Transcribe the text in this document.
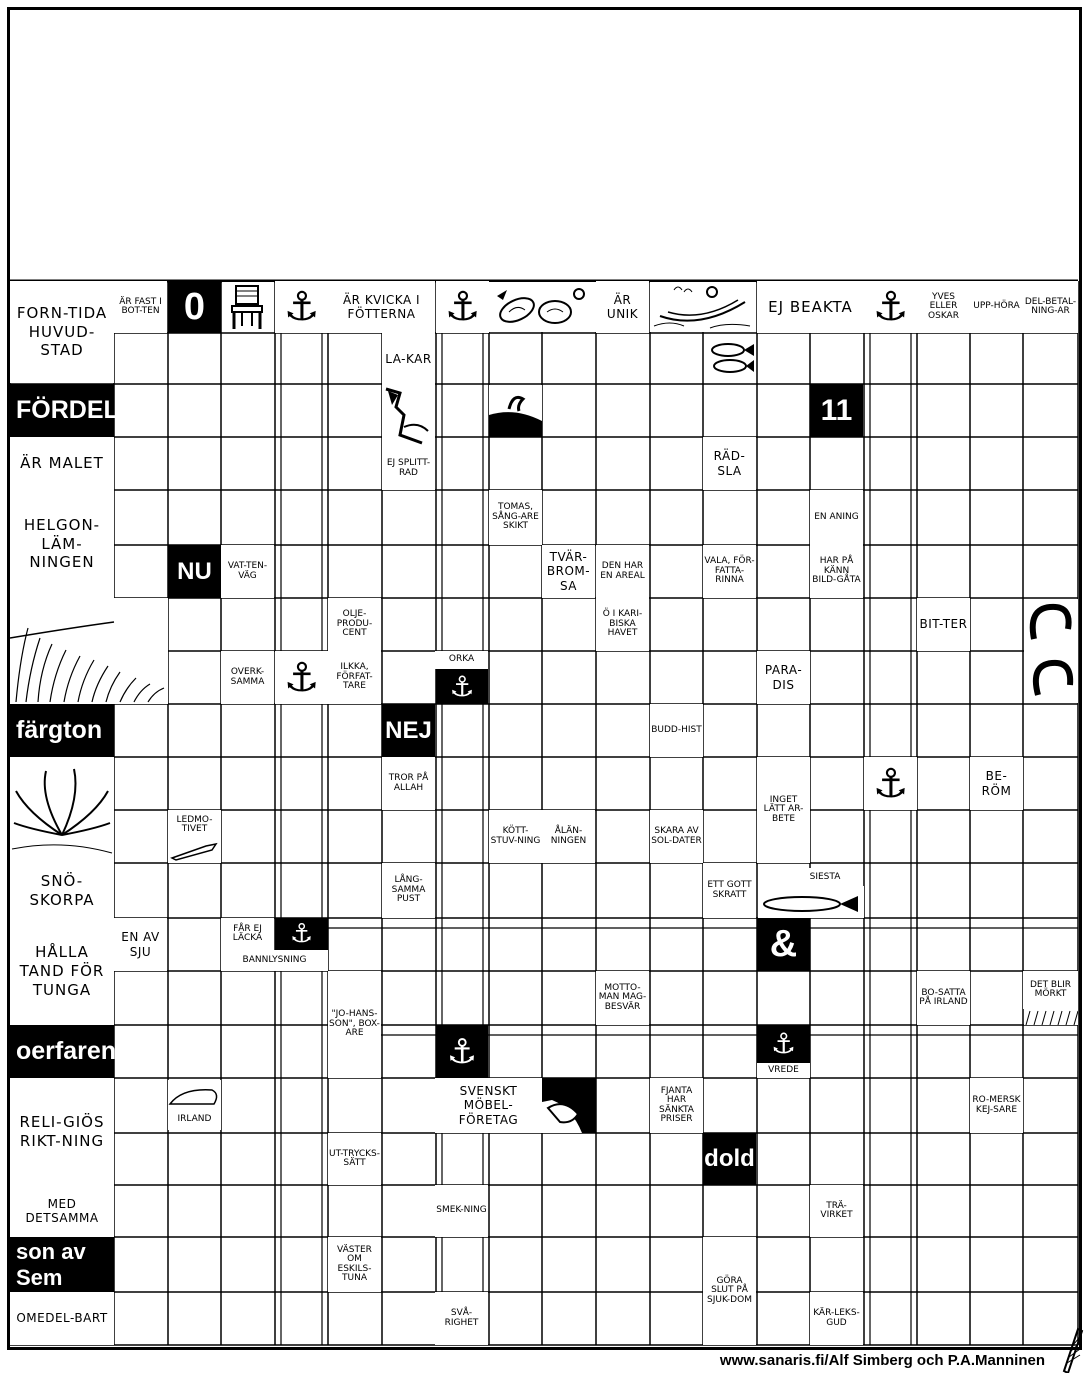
FORN-TIDA HUVUD-STAD
ÄR FAST I BOT-TEN
ÄR KVICKA I FÖTTERNA
ÄR UNIK	EJ BEAKTA
YVES ELLER OSKAR
UPP-HÖRA DEL-BETAL-NING-AR
LA-KAR
ÄR MALET	EJ SPLITT-RAD
RÄD-SLA
HELGON-LÄM-NINGEN
TOMAS, SÅNG-ARE SKIKT
EN ANING
VAT-TEN-VÄG
TVÄR-BROM-SA
DEN HAR EN AREAL
VALA, FÖR-FATTA-RINNA
HAR PÅ KÄNN BILD-GÅTA
OLJE-PRODU-CENT
Ö I KARI-BISKA HAVET
BIT-TER
OVERK-SAMMA
ILKKA, FÖRFAT-TARE
ORKA
PARA-DIS
BUDD-HIST
TROR PÅ ALLAH
INGET LÄTT AR-BETE
BE-RÖM
LEDMO-TIVET	KÖTT-STUV-NING
ÅLÄN-NINGEN
SKARA AV SOL-DATER
SNÖ-SKORPA
LÅNG-SAMMA PUST
ETT GOTT SKRATT
SIESTA
HÅLLA TAND FÖR TUNGA
EN AV SJU
FÅR EJ LÄCKA
BANNLYSNING
"JO-HANS-SON", BOX-ARE
MOTTO-MAN MAG-BESVÄR
BO-SATTA PÅ IRLAND
DET BLIR MÖRKT
VREDE
RELI-GIÖS RIKT-NING
IRLAND
SVENSKT MÖBEL-FÖRETAG
FJANTA HAR SÄNKTA PRISER
RO-MERSK KEJ-SARE
UT-TRYCKS-SÄTT
MED DETSAMMA
SMEK-NING	TRÄ-VIRKET
VÄSTER OM ESKILS-TUNA	GÖRA SLUT PÅ SJUK-DOM
OMEDEL-BART	SVÅ-RIGHET
KÄR-LEKS-GUD
0
FÖRDEL	11
NU
färgton	NEJ
&
oerfaren
dold
son av Sem
⚓	⚓	⚓
⚓	⚓
⚓
⚓
⚓	⚓
www.sanaris.fi/Alf Simberg och P.A.Manninen
